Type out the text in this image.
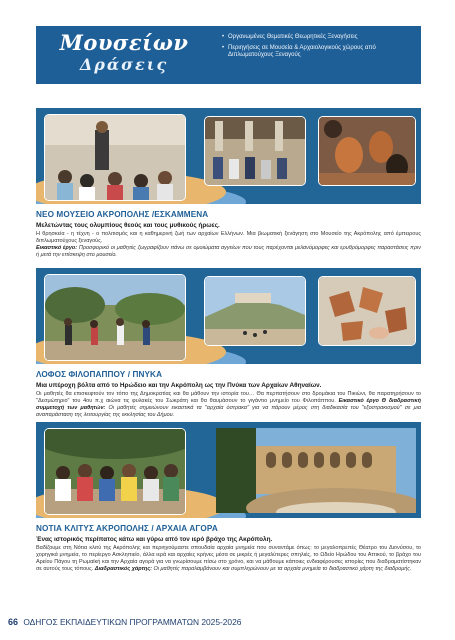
Μουσείων
Δράσεις
• Οργανωμένες Θεματικές Θεωρητικές Ξεναγήσεις
• Περιηγήσεις σε Μουσεία & Αρχαιολογικούς χώρους από Διπλωματούχους Ξεναγούς
ΝΕΟ ΜΟΥΣΕΙΟ ΑΚΡΟΠΟΛΗΣ /ΕΣΚΑΜΜΕΝΑ
Μελετώντας τους ολυμπίους θεούς και τους μυθικούς ήρωες.
Η θρησκεία - η τέχνη - ο πολιτισμός και η καθημερινή ζωή των αρχαίων Ελλήνων. Μια βιωματική ξενάγηση στο Μουσείο της Ακρόπολης από έμπειρους διπλωματούχους ξεναγούς.
Εικαστικό έργο: Προσφορικό οι μαθητές ζωγραφίζουν πάνω σε ομοιώματα αγγείων που τους παρέχονται μελανόμορφες και ερυθρόμορφες παραστάσεις πριν ή μετά την επίσκεψη στο μουσείο.
ΛΟΦΟΣ ΦΙΛΟΠΑΠΠΟΥ / ΠΝΥΚΑ
Μια υπέροχη βόλτα από το Ηρώδειο και την Ακρόπολη ως την Πνύκα των Αρχαίων Αθηναίων.
Οι μαθητές θα επισκεφτούν τον τόπο της Δημοκρατίας και θα μάθουν την ιστορία του… Θα περπατήσουν στο δρομάκια του Πικιώνι, θα παρατηρήσουν το "Δεσμώτηριο" του 4ου π.χ αιώνα τις φυλακές του Σωκράτη και θα θαυμάσουν το γιγάντιο μνημείο του Φιλοπάππου. Εικαστικό έργο Θ διαδραστική συμμετοχή των μαθητών: Οι μαθητές σημειώνουν εικαστικά τα "αρχαία όστρακα" για να πάρουν μέρος στη διαδικασία του "εξοστρακισμού" σε μια αναπαράσταση της λειτουργίας της εκκλησίας του Δήμου.
ΝΟΤΙΑ ΚΛΙΤΥΣ ΑΚΡΟΠΟΛΗΣ / ΑΡΧΑΙΑ ΑΓΟΡΑ
Ένας ιστορικός περίπατος κάτω και γύρω από τον ιερό βράχο της Ακρόπολη.
Βαδίζουμε στη Νότια κλιτύ της Ακρόπολης και περιηγούμαστε σπουδαία αρχαία μνημεία που συναντάμε όπως: το μεγαλοπρεπές Θέατρο του Διονύσου, το χορηγικά μνημεία, το περίεργο Ασκληπιείο, άλλα ιερά και αρχαίες κρήνες μέσα σε μικρές ή μεγαλύτερες σπηλιές, το Ωδείο Ηρώδου του Αττικού, το βράχο του Αρείου Πάγου τη Ρωμαϊκή και την Αρχαία αγορά για να γνωρίσουμε πίσω στο χρόνο, και να μάθουμε κάποιες ενδιαφέρουσες ιστορίες που διαδραματίστηκαν σε αυτούς τους τόπους. Διαδραστικός χάρτης: Οι μαθητές παραλαμβάνουν και συμπληρώνουν με τα αρχαία μνημεία το διαδραστικό χάρτη της διαδρομής.
66 ΟΔΗΓΟΣ ΕΚΠΑΙΔΕΥΤΙΚΩΝ ΠΡΟΓΡΑΜΜΑΤΩΝ 2025-2026
